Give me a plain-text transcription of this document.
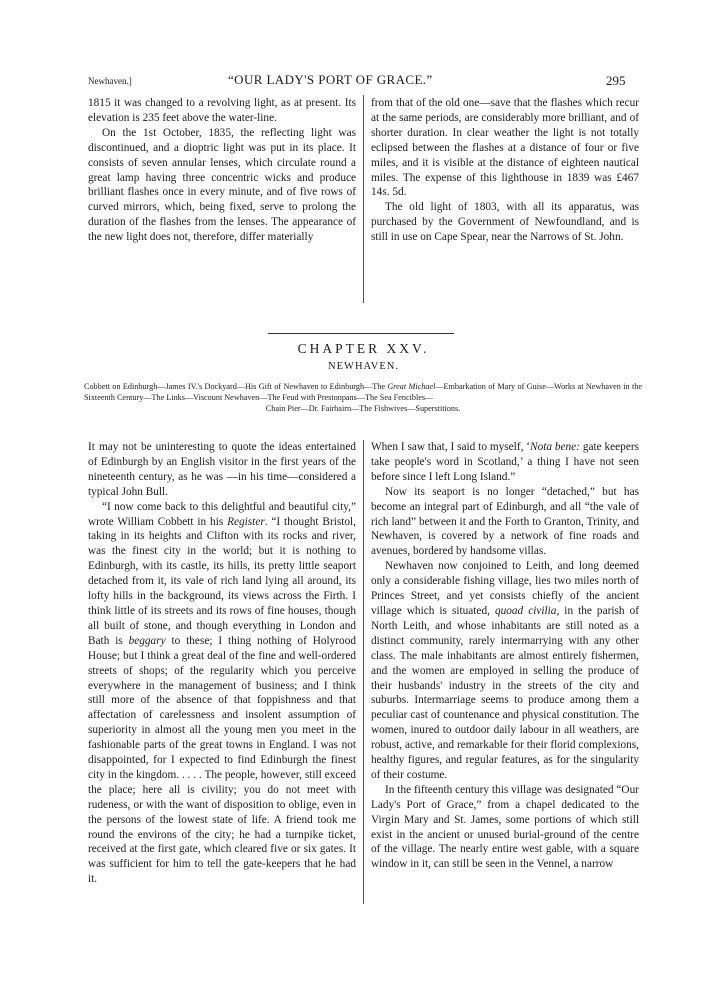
Newhaven.]	“OUR LADY'S PORT OF GRACE.”	295

1815 it was changed to a revolving light, as at present. Its elevation is 235 feet above the water-line.

On the 1st October, 1835, the reflecting light was discontinued, and a dioptric light was put in its place. It consists of seven annular lenses, which circulate round a great lamp having three concentric wicks and produce brilliant flashes once in every minute, and of five rows of curved mirrors, which, being fixed, serve to prolong the duration of the flashes from the lenses. The appearance of the new light does not, therefore, differ materially

from that of the old one—save that the flashes which recur at the same periods, are considerably more brilliant, and of shorter duration. In clear weather the light is not totally eclipsed between the flashes at a distance of four or five miles, and it is visible at the distance of eighteen nautical miles. The expense of this lighthouse in 1839 was £467 14s. 5d.

The old light of 1803, with all its apparatus, was purchased by the Government of Newfoundland, and is still in use on Cape Spear, near the Narrows of St. John.

CHAPTER XXV.
NEWHAVEN.
Cobbett on Edinburgh—James IV.'s Dockyard—His Gift of Newhaven to Edinburgh—The Great Michael—Embarkation of Mary of Guise—Works at Newhaven in the Sixteenth Century—The Links—Viscount Newhaven—The Feud with Prestonpans—The Sea Fencibles—
Chain Pier—Dr. Fairbairn—The Fishwives—Superstitions.

It may not be uninteresting to quote the ideas entertained of Edinburgh by an English visitor in the first years of the nineteenth century, as he was —in his time—considered a typical John Bull.

“I now come back to this delightful and beautiful city,” wrote William Cobbett in his Register. “I thought Bristol, taking in its heights and Clifton with its rocks and river, was the finest city in the world; but it is nothing to Edinburgh, with its castle, its hills, its pretty little seaport detached from it, its vale of rich land lying all around, its lofty hills in the background, its views across the Firth. I think little of its streets and its rows of fine houses, though all built of stone, and though everything in London and Bath is beggary to these; I thing nothing of Holyrood House; but I think a great deal of the fine and well-ordered streets of shops; of the regularity which you perceive everywhere in the management of business; and I think still more of the absence of that foppishness and that affectation of carelessness and insolent assumption of superiority in almost all the young men you meet in the fashionable parts of the great towns in England. I was not disappointed, for I expected to find Edinburgh the finest city in the kingdom. . . . . The people, however, still exceed the place; here all is civility; you do not meet with rudeness, or with the want of disposition to oblige, even in the persons of the lowest state of life. A friend took me round the environs of the city; he had a turnpike ticket, received at the first gate, which cleared five or six gates. It was sufficient for him to tell the gate-keepers that he had it.

When I saw that, I said to myself, ‘Nota bene: gate keepers take people's word in Scotland,’ a thing I have not seen before since I left Long Island.”

Now its seaport is no longer “detached,” but has become an integral part of Edinburgh, and all “the vale of rich land” between it and the Forth to Granton, Trinity, and Newhaven, is covered by a network of fine roads and avenues, bordered by handsome villas.

Newhaven now conjoined to Leith, and long deemed only a considerable fishing village, lies two miles north of Princes Street, and yet consists chiefly of the ancient village which is situated, quoad civilia, in the parish of North Leith, and whose inhabitants are still noted as a distinct community, rarely intermarrying with any other class. The male inhabitants are almost entirely fishermen, and the women are employed in selling the produce of their husbands' industry in the streets of the city and suburbs. Intermarriage seems to produce among them a peculiar cast of countenance and physical constitution. The women, inured to outdoor daily labour in all weathers, are robust, active, and remarkable for their florid complexions, healthy figures, and regular features, as for the singularity of their costume.

In the fifteenth century this village was designated “Our Lady's Port of Grace,” from a chapel dedicated to the Virgin Mary and St. James, some portions of which still exist in the ancient or unused burial-ground of the centre of the village. The nearly entire west gable, with a square window in it, can still be seen in the Vennel, a narrow
